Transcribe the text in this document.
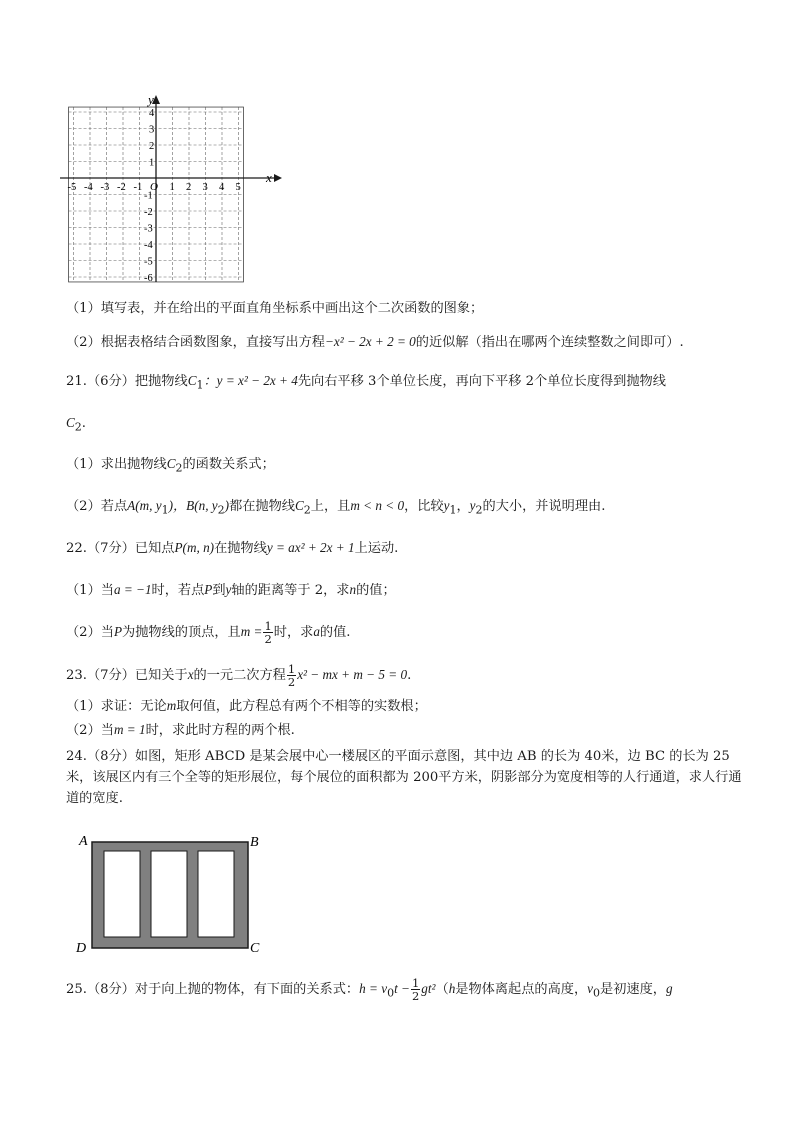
-5 -4 -3 -2 -1	1 2 3 4 5
4
3
2
1
-1
-2
-3
-4
-5
-6
x
y
O
（1）填写表，并在给出的平面直角坐标系中画出这个二次函数的图象；
（2）根据表格结合函数图象，直接写出方程−x² − 2x + 2 = 0的近似解（指出在哪两个连续整数之间即可）.
21.（6分）把抛物线$C_1$：y = x² − 2x + 4先向右平移 3个单位长度，再向下平移 2个单位长度得到抛物线
$C_2$.
（1）求出抛物线$C_2$的函数关系式；
（2）若点A(m, $y_1$)，B(n, $y_2$)都在抛物线$C_2$上，且m < n < 0，比较$y_1$，$y_2$的大小，并说明理由.
22.（7分）已知点P(m, n)在抛物线y = ax² + 2x + 1上运动.
（1）当a = −1时，若点P到y轴的距离等于 2，求n的值；
（2）当P为抛物线的顶点，且$m = \frac{1}{2}$ 时，求a的值.
23.（7分）已知关于x的一元二次方程 $\frac{1}{2} x^2$ − mx + m − 5 = 0.
（1）求证：无论m取何值，此方程总有两个不相等的实数根；
（2）当m = 1时，求此时方程的两个根.
24.（8分）如图，矩形 ABCD 是某会展中心一楼展区的平面示意图，其中边 AB 的长为 40米，边 BC 的长为 25米，该展区内有三个全等的矩形展位，每个展位的面积都为 200平方米，阴影部分为宽度相等的人行通道，求人行通道的宽度.
A	B
C
D
25.（8分）对于向上抛的物体，有下面的关系式：$h = v_0t - \frac{1}{2} gt^2(h$是物体离起点的高度，$v_0$是初速度，g
